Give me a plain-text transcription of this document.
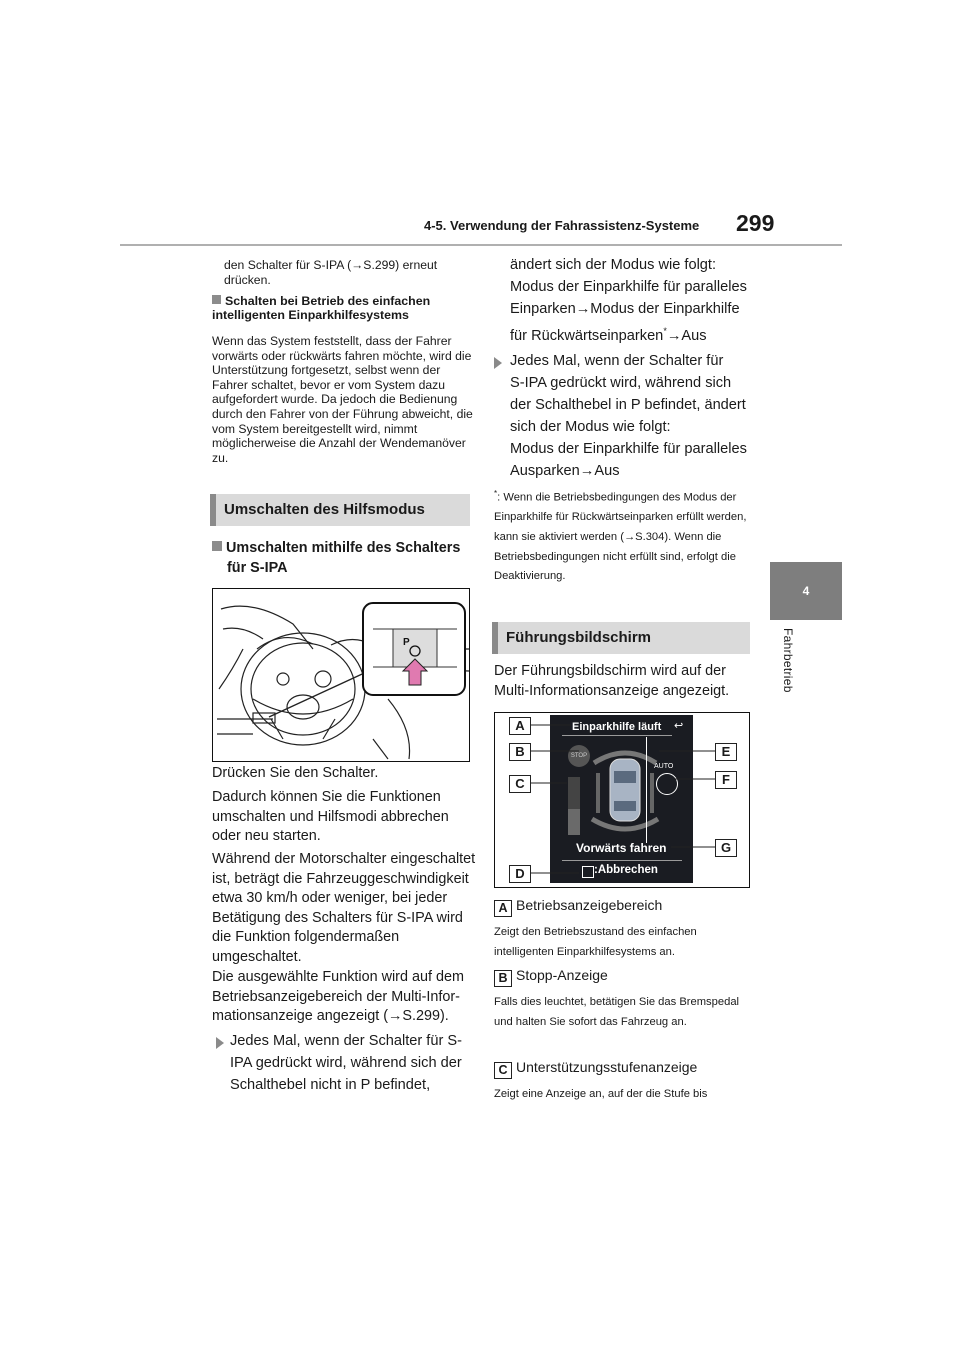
4-5. Verwendung der Fahrassistenz-Systeme 299
4
Fahrbetrieb
den Schalter für S-IPA (→S.299) erneut drücken.
Schalten bei Betrieb des einfachen intelligenten Einparkhilfesystems
Wenn das System feststellt, dass der Fahrer vorwärts oder rückwärts fahren möchte, wird die Unterstützung fortgesetzt, selbst wenn der Fahrer schaltet, bevor er vom System dazu aufgefordert wurde. Da jedoch die Bedienung durch den Fahrer von der Führung abweicht, die vom System bereitgestellt wird, nimmt möglicherweise die Anzahl der Wendemanöver zu.
Umschalten des Hilfsmodus
Umschalten mithilfe des Schalters
für S-IPA
P
Drücken Sie den Schalter.
Dadurch können Sie die Funktionen umschalten und Hilfsmodi abbrechen oder neu starten.
Während der Motorschalter eingeschaltet ist, beträgt die Fahrzeuggeschwindigkeit etwa 30 km/h oder weniger, bei jeder Betätigung des Schalters für S-IPA wird die Funktion folgendermaßen umgeschaltet.
Die ausgewählte Funktion wird auf dem Betriebsanzeigebereich der Multi-Informationsanzeige angezeigt (→S.299).
Jedes Mal, wenn der Schalter für S-IPA gedrückt wird, während sich der Schalthebel nicht in P befindet,
ändert sich der Modus wie folgt:
Modus der Einparkhilfe für paralleles
Einparken→Modus der Einparkhilfe
für Rückwärtseinparken*→Aus
Jedes Mal, wenn der Schalter für
S-IPA gedrückt wird, während sich
der Schalthebel in P befindet, ändert
sich der Modus wie folgt:
Modus der Einparkhilfe für paralleles
Ausparken→Aus
*: Wenn die Betriebsbedingungen des Modus der Einparkhilfe für Rückwärtseinparken erfüllt werden, kann sie aktiviert werden (→S.304). Wenn die Betriebsbedingungen nicht erfüllt sind, erfolgt die Deaktivierung.
Führungsbildschirm
Der Führungsbildschirm wird auf der Multi-Informationsanzeige angezeigt.
Einparkhilfe läuft ↩
STOP
AUTO
Vorwärts fahren
:Abbrechen
A
B
C
D
E
F
G
A Betriebsanzeigebereich
Zeigt den Betriebszustand des einfachen intelligenten Einparkhilfesystems an.
B Stopp-Anzeige
Falls dies leuchtet, betätigen Sie das Bremspedal und halten Sie sofort das Fahrzeug an.
C Unterstützungsstufenanzeige
Zeigt eine Anzeige an, auf der die Stufe bis
